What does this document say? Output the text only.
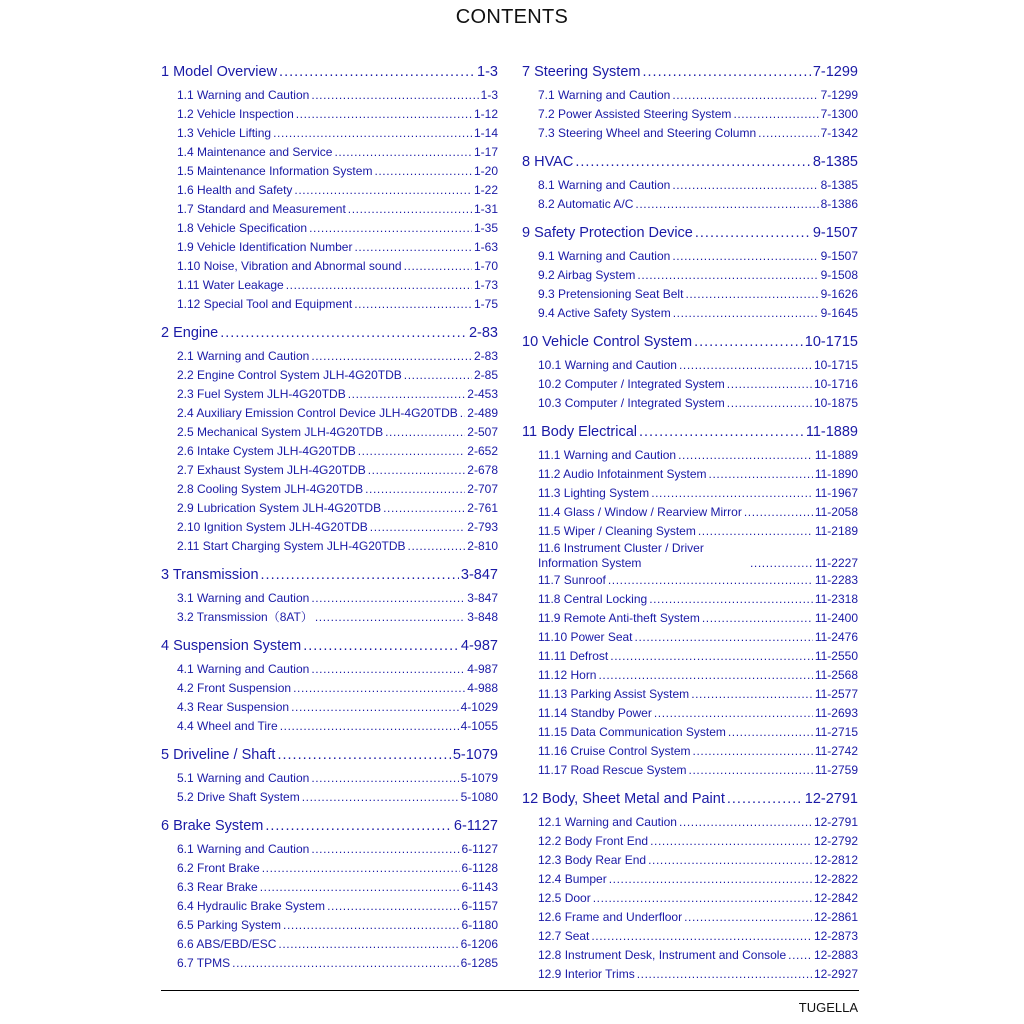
CONTENTS
1 Model Overview .....	1-3
1.1 Warning and Caution .....	1-3
1.2 Vehicle Inspection .....	1-12
1.3 Vehicle Lifting .....	1-14
1.4 Maintenance and Service .....	1-17
1.5 Maintenance Information System .....	1-20
1.6 Health and Safety .....	1-22
1.7 Standard and Measurement .....	1-31
1.8 Vehicle Specification .....	1-35
1.9 Vehicle Identification Number .....	1-63
1.10 Noise, Vibration and Abnormal sound .....	1-70
1.11 Water Leakage .....	1-73
1.12 Special Tool and Equipment .....	1-75
2 Engine .....	2-83
2.1 Warning and Caution .....	2-83
2.2 Engine Control System JLH-4G20TDB .....	2-85
2.3 Fuel System JLH-4G20TDB .....	2-453
2.4 Auxiliary Emission Control Device JLH-4G20TDB ..... 2-489
2.5 Mechanical System JLH-4G20TDB .....	2-507
2.6 Intake Cystem JLH-4G20TDB .....	2-652
2.7 Exhaust System JLH-4G20TDB .....	2-678
2.8 Cooling System JLH-4G20TDB .....	2-707
2.9 Lubrication System JLH-4G20TDB .....	2-761
2.10 Ignition System JLH-4G20TDB .....	2-793
2.11 Start Charging System JLH-4G20TDB .....	2-810
3 Transmission .....	3-847
3.1 Warning and Caution .....	3-847
3.2 Transmission（8AT） .....	3-848
4 Suspension System .....	4-987
4.1 Warning and Caution .....	4-987
4.2 Front Suspension .....	4-988
4.3 Rear Suspension .....	4-1029
4.4 Wheel and Tire .....	4-1055
5 Driveline / Shaft .....	5-1079
5.1 Warning and Caution .....	5-1079
5.2 Drive Shaft System .....	5-1080
6 Brake System .....	6-1127
6.1 Warning and Caution .....	6-1127
6.2 Front Brake .....	6-1128
6.3 Rear Brake .....	6-1143
6.4 Hydraulic Brake System .....	6-1157
6.5 Parking System .....	6-1180
6.6 ABS/EBD/ESC .....	6-1206
6.7 TPMS .....	6-1285
7 Steering System .....	7-1299
7.1 Warning and Caution .....	7-1299
7.2 Power Assisted Steering System .....	7-1300
7.3 Steering Wheel and Steering Column .....	7-1342
8 HVAC .....	8-1385
8.1 Warning and Caution .....	8-1385
8.2 Automatic A/C .....	8-1386
9 Safety Protection Device .....	9-1507
9.1 Warning and Caution .....	9-1507
9.2 Airbag System .....	9-1508
9.3 Pretensioning Seat Belt .....	9-1626
9.4 Active Safety System .....	9-1645
10 Vehicle Control System .....	10-1715
10.1 Warning and Caution .....	10-1715
10.2 Computer / Integrated System .....	10-1716
10.3 Computer / Integrated System .....	10-1875
11 Body Electrical .....	11-1889
11.1 Warning and Caution .....	11-1889
11.2 Audio Infotainment System .....	11-1890
11.3 Lighting System .....	11-1967
11.4 Glass / Window / Rearview Mirror .....	11-2058
11.5 Wiper / Cleaning System .....	11-2189
11.6 Instrument Cluster / Driver Information System .....	11-2227
11.7 Sunroof .....	11-2283
11.8 Central Locking .....	11-2318
11.9 Remote Anti-theft System .....	11-2400
11.10 Power Seat .....	11-2476
11.11 Defrost .....	11-2550
11.12 Horn .....	11-2568
11.13 Parking Assist System .....	11-2577
11.14 Standby Power .....	11-2693
11.15 Data Communication System .....	11-2715
11.16 Cruise Control System .....	11-2742
11.17 Road Rescue System .....	11-2759
12 Body, Sheet Metal and Paint .....	12-2791
12.1 Warning and Caution .....	12-2791
12.2 Body Front End .....	12-2792
12.3 Body Rear End .....	12-2812
12.4 Bumper .....	12-2822
12.5 Door .....	12-2842
12.6 Frame and Underfloor .....	12-2861
12.7 Seat .....	12-2873
12.8 Instrument Desk, Instrument and Console ..... 12-2883
12.9 Interior Trims .....	12-2927
TUGELLA
